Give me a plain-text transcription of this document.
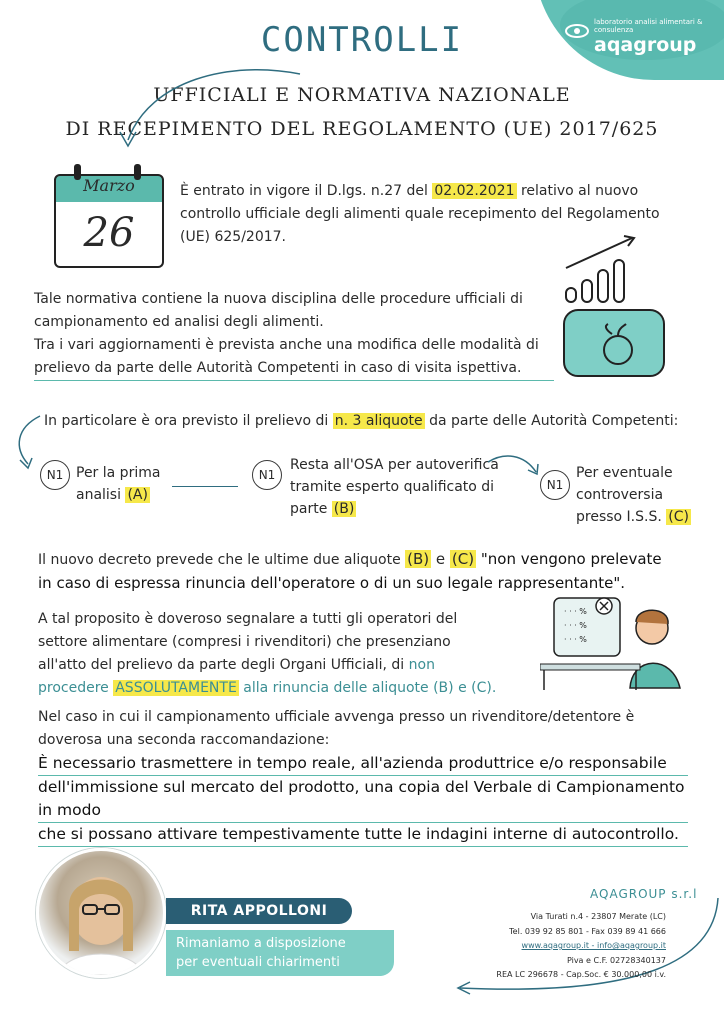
laboratorio analisi alimentari & consulenza
aqagroup
CONTROLLI
UFFICIALI E NORMATIVA NAZIONALE
DI RECEPIMENTO DEL REGOLAMENTO (UE) 2017/625
Marzo
26
È entrato in vigore il D.lgs. n.27 del 02.02.2021 relativo al nuovo controllo ufficiale degli alimenti quale recepimento del Regolamento (UE) 625/2017.
Tale normativa contiene la nuova disciplina delle procedure ufficiali di campionamento ed analisi degli alimenti.
Tra i vari aggiornamenti è prevista anche una modifica delle modalità di prelievo da parte delle Autorità Competenti in caso di visita ispettiva.
In particolare è ora previsto il prelievo di n. 3 aliquote da parte delle Autorità Competenti:
N1 Per la prima analisi (A)
N1
Resta all'OSA per autoverifica tramite esperto qualificato di parte (B)
N1
Per eventuale controversia presso I.S.S. (C)
Il nuovo decreto prevede che le ultime due aliquote (B) e (C) "non vengono prelevate in caso di espressa rinuncia dell'operatore o di un suo legale rappresentante".
A tal proposito è doveroso segnalare a tutti gli operatori del settore alimentare (compresi i rivenditori) che presenziano all'atto del prelievo da parte degli Organi Ufficiali, di non procedere ASSOLUTAMENTE alla rinuncia delle aliquote (B) e (C).
· · · %
· · · %
· · · %
Nel caso in cui il campionamento ufficiale avvenga presso un rivenditore/detentore è doverosa una seconda raccomandazione:
È necessario trasmettere in tempo reale, all'azienda produttrice e/o responsabile
dell'immissione sul mercato del prodotto, una copia del Verbale di Campionamento in modo
che si possano attivare tempestivamente tutte le indagini interne di autocontrollo.
RITA APPOLLONI
Rimaniamo a disposizione
per eventuali chiarimenti
AQAGROUP s.r.l
Via Turati n.4 - 23807 Merate (LC)
Tel. 039 92 85 801 - Fax 039 89 41 666
www.aqagroup.it - info@aqagroup.it
Piva e C.F. 02728340137
REA LC 296678 - Cap.Soc. € 30.000,00 i.v.
